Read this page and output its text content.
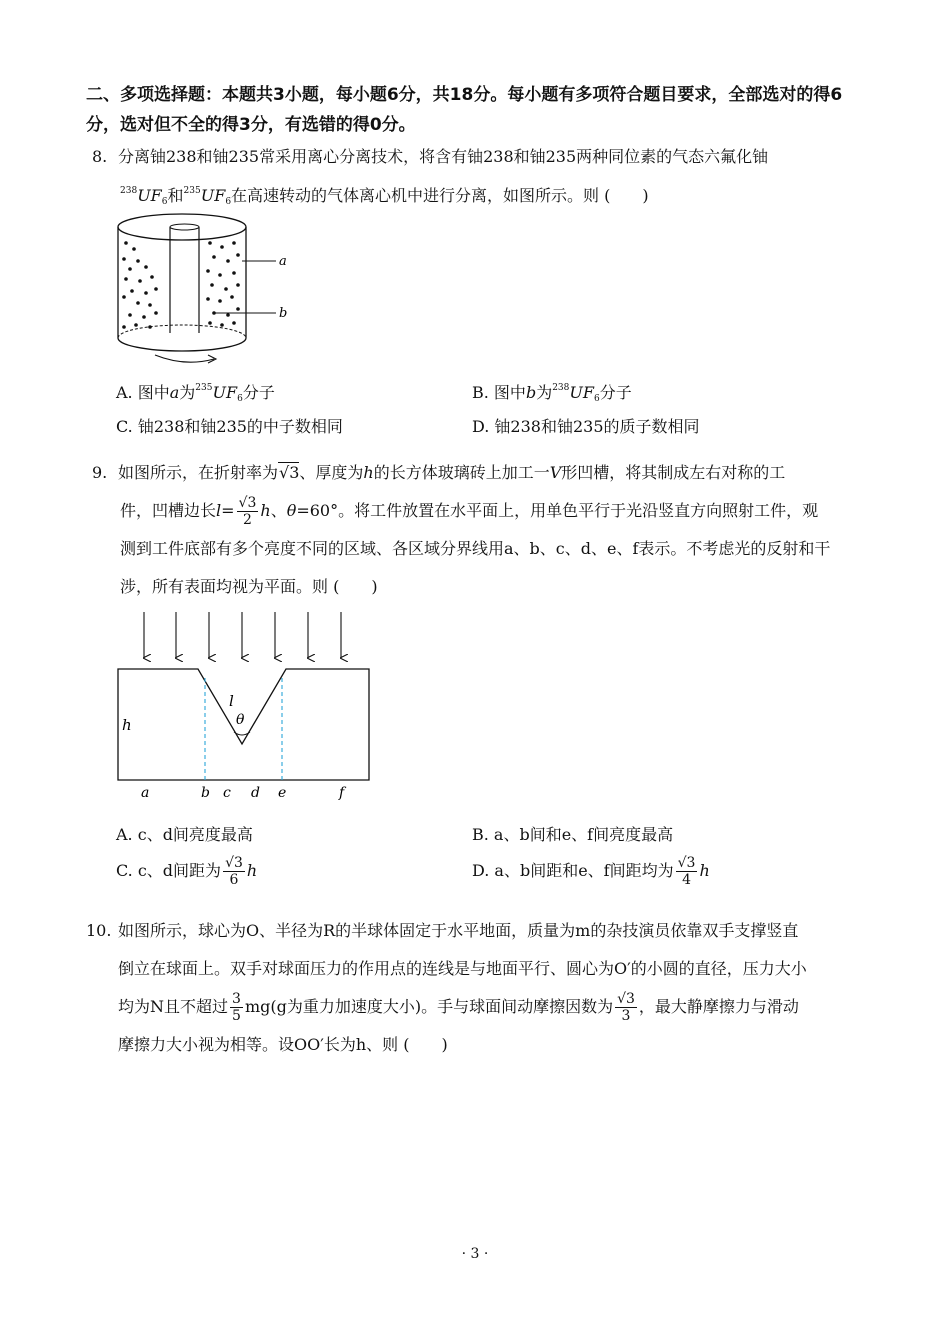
二、多项选择题：本题共3小题，每小题6分，共18分。每小题有多项符合题目要求，全部选对的得6分，选对但不全的得3分，有选错的得0分。
8. 分离铀238和铀235常采用离心分离技术，将含有铀238和铀235两种同位素的气态六氟化铀
$^{238}UF_6$和$^{235}UF_6$在高速转动的气体离心机中进行分离，如图所示。则 (　　)
a
b
A. 图中a为$^{235}UF_6$分子	B. 图中b为$^{238}UF_6$分子
C. 铀238和铀235的中子数相同	D. 铀238和铀235的质子数相同
9. 如图所示，在折射率为√3、厚度为h的长方体玻璃砖上加工一V形凹槽，将其制成左右对称的工
件，凹槽边长$l= \frac{√3}{2}$ h、θ=60°。将工件放置在水平面上，用单色平行于光沿竖直方向照射工件，观
测到工件底部有多个亮度不同的区域、各区域分界线用a、b、c、d、e、f表示。不考虑光的反射和干
涉，所有表面均视为平面。则 (　　)
h
l
θ
a	b c d e	f
A. c、d间亮度最高	B. a、b间和e、f间亮度最高
C. c、d间距为 $\frac{√3}{6}$ h	D. a、b间距和e、f间距均为 $\frac{√3}{4}$ h
10. 如图所示，球心为O、半径为R的半球体固定于水平地面，质量为m的杂技演员依靠双手支撑竖直
倒立在球面上。双手对球面压力的作用点的连线是与地面平行、圆心为O′的小圆的直径，压力大小
均为N且不超过 $\frac{3}{5} mg(g$为重力加速度大小)。手与球面间动摩擦因数为 $\frac{√3}{3}$ ，最大静摩擦力与滑动
摩擦力大小视为相等。设OO′长为h、则 (　　)
· 3 ·
